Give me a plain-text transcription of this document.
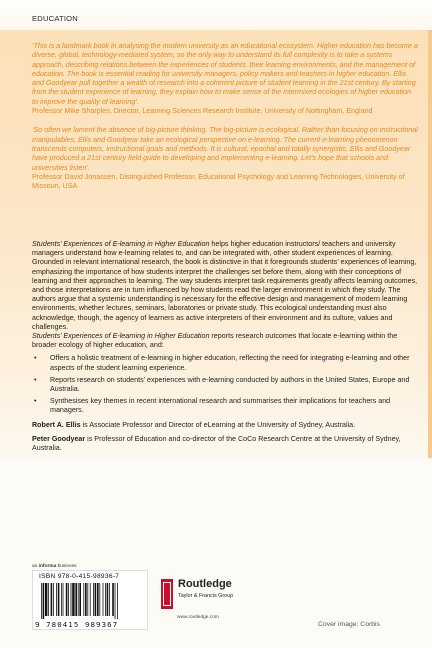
EDUCATION
‘This is a landmark book in analysing the modern university as an educational ecosystem. Higher education has become a diverse, global, technology-mediated system, so the only way to understand its full complexity is to take a systems approach, describing relations between the experiences of students, their learning environments, and the management of education. The book is essential reading for university managers, policy makers and teachers in higher education. Ellis and Goodyear pull together a wealth of research into a coherent picture of student learning in the 21st century. By starting from the student experience of learning, they explain how to make sense of the intermixed ecologies of higher education to improve the quality of learning’.
Professor Mike Sharples, Director, Learning Sciences Research Institute, University of Nottingham, England
‘So often we lament the absence of big-picture thinking. The big-picture is ecological. Rather than focusing on instructional manipulables, Ellis and Goodyear take an ecological perspective on e-learning. The current e-learning phenomenon transcends computers, instructional goals and methods. It is cultural, epochal and totally synergistic. Ellis and Goodyear have produced a 21st century field guide to developing and implementing e-learning. Let’s hope that schools and universities listen’.
Professor David Jonassen, Distinguished Professor, Educational Psychology and Learning Technologies, University of Missouri, USA

Students’ Experiences of E-learning in Higher Education helps higher education instructors/ teachers and university managers understand how e-learning relates to, and can be integrated with, other student experiences of learning. Grounded in relevant international research, the book is distinctive in that it foregrounds students’ experiences of learning, emphasizing the importance of how students interpret the challenges set before them, along with their conceptions of learning and their approaches to learning. The way students interpret task requirements greatly affects learning outcomes, and those interpretations are in turn influenced by how students read the larger environment in which they study. The authors argue that a systemic understanding is necessary for the effective design and management of modern learning environments, whether lectures, seminars, laboratories or private study. This ecological understanding must also acknowledge, though, the agency of learners as active interpreters of their environment and its culture, values and challenges.

Students’ Experiences of E-learning in Higher Education reports research outcomes that locate e-learning within the broader ecology of higher education, and:

•	Offers a holistic treatment of e-learning in higher education, reflecting the need for integrating e-learning and other aspects of the student learning experience.
•	Reports research on students’ experiences with e-learning conducted by authors in the United States, Europe and Australia.
•	Synthesises key themes in recent international research and summarises their implications for teachers and managers.

Robert A. Ellis is Associate Professor and Director of eLearning at the University of Sydney, Australia.

Peter Goodyear is Professor of Education and co-director of the CoCo Research Centre at the University of Sydney, Australia.

an informa business
ISBN 978-0-415-98936-7
9 780415 989367
Routledge
Taylor & Francis Group
www.routledge.com
Cover image: Corbis
